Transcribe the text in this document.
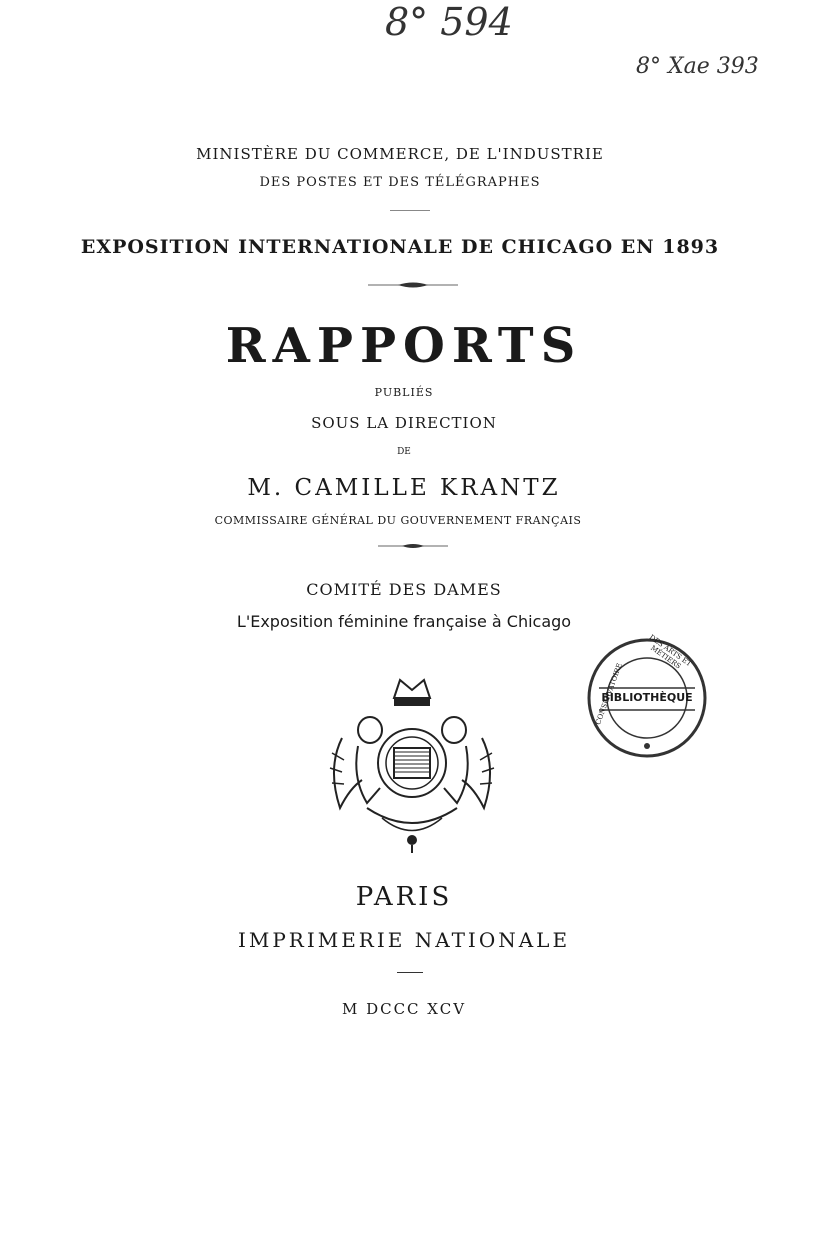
8° 594
8° Xae 393
MINISTÈRE DU COMMERCE, DE L'INDUSTRIE
DES POSTES ET DES TÉLÉGRAPHES
EXPOSITION INTERNATIONALE DE CHICAGO EN 1893
RAPPORTS
PUBLIÉS
SOUS LA DIRECTION
DE
M. CAMILLE KRANTZ
COMMISSAIRE GÉNÉRAL DU GOUVERNEMENT FRANÇAIS
COMITÉ DES DAMES
L'Exposition féminine française à Chicago
BIBLIOTHÈQUE
DES ARTS ET MÉTIERS
CONSERVATOIRE
PARIS
IMPRIMERIE NATIONALE
M DCCC XCV
